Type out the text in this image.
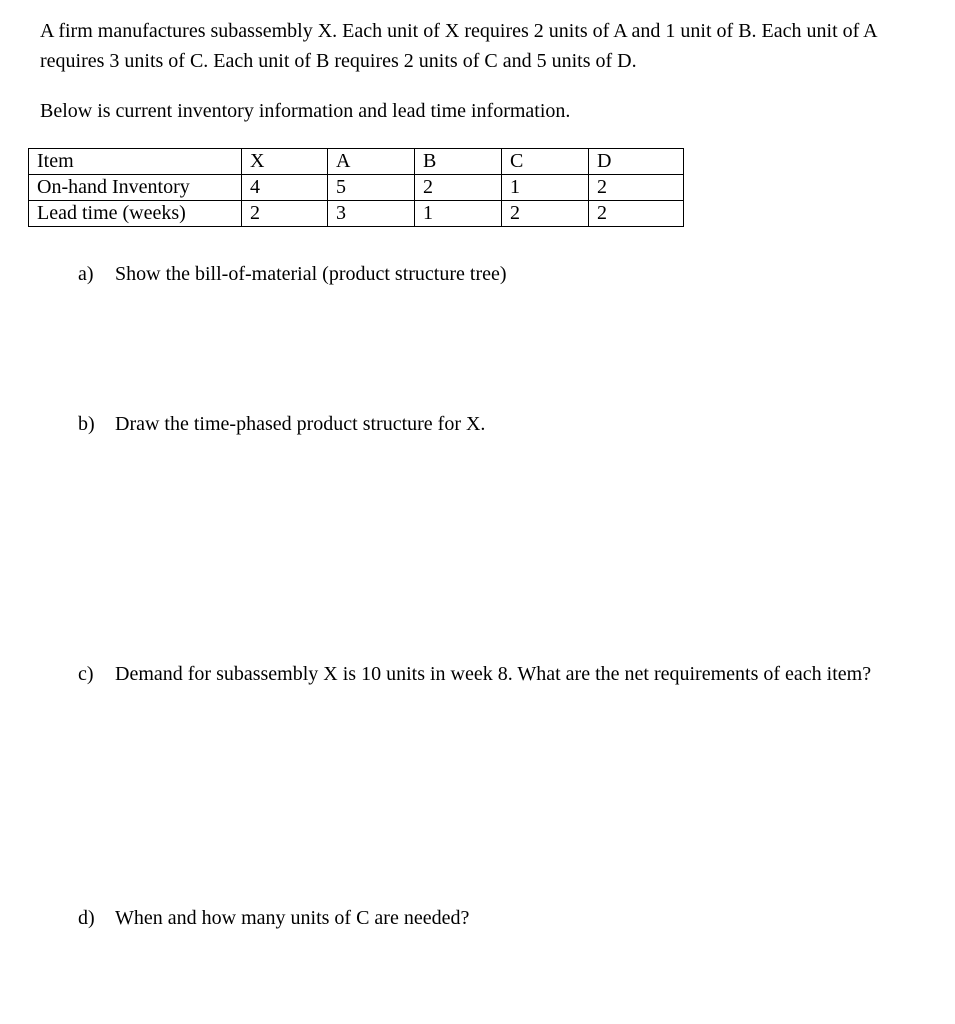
A firm manufactures subassembly X. Each unit of X requires 2 units of A and 1 unit of B. Each unit of A requires 3 units of C. Each unit of B requires 2 units of C and 5 units of D.

Below is current inventory information and lead time information.

Item	X	A	B	C	D
On-hand Inventory	4	5	2	1	2
Lead time (weeks)	2	3	1	2	2
a)	Show the bill-of-material (product structure tree)
b)	Draw the time-phased product structure for X.
c)	Demand for subassembly X is 10 units in week 8. What are the net requirements of each item?
d)	When and how many units of C are needed?
